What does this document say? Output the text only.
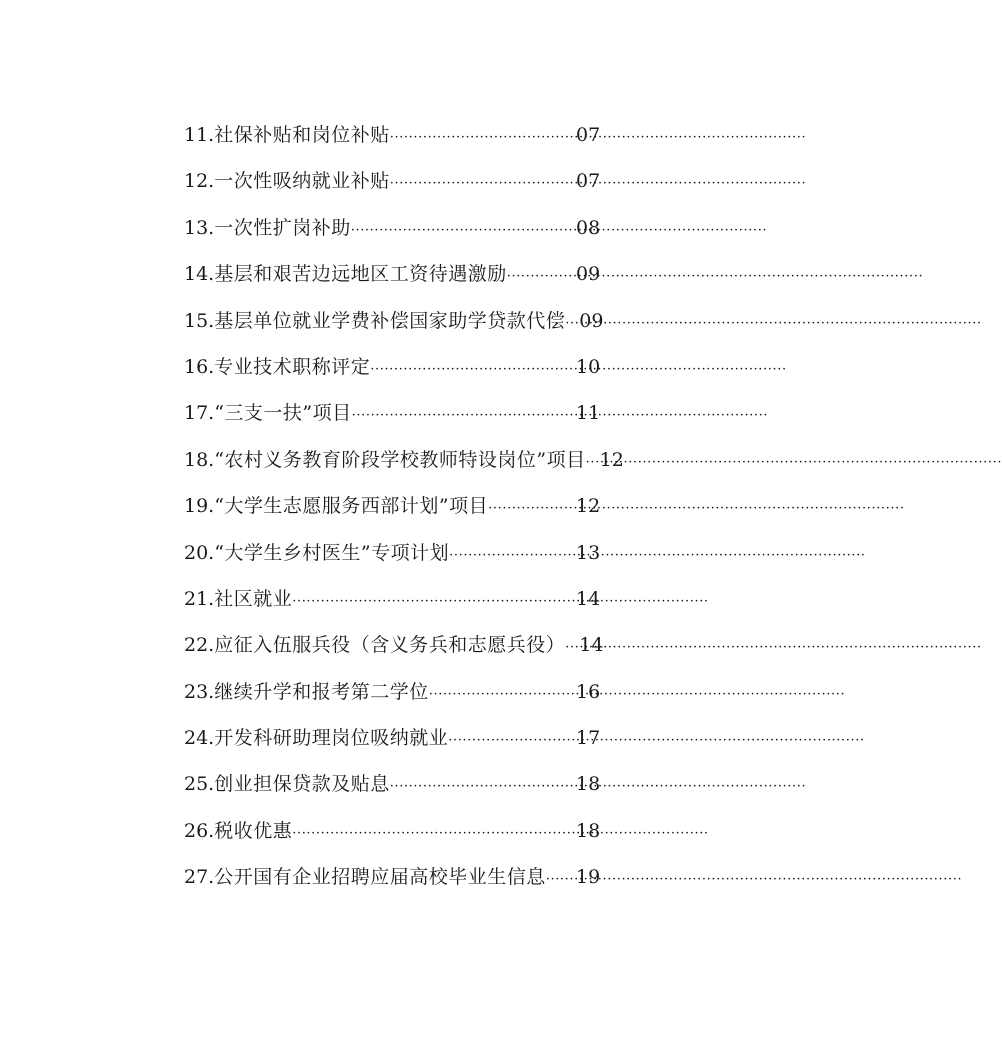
11. 社保补贴和岗位补贴 ·····	07
12. 一次性吸纳就业补贴 ·····	07
13. 一次性扩岗补助 ·····	08
14. 基层和艰苦边远地区工资待遇激励 ·····	09
15. 基层单位就业学费补偿国家助学贷款代偿 ····· 09
16. 专业技术职称评定 ·····	10
17. “三支一扶”项目 ·····	11
18. “农村义务教育阶段学校教师特设岗位”项目 ····· 12
19. “大学生志愿服务西部计划”项目 ·····	12
20. “大学生乡村医生”专项计划 ·····	13
21. 社区就业 ·····	14
22. 应征入伍服兵役（含义务兵和志愿兵役） ····· 14
23. 继续升学和报考第二学位 ·····	16
24. 开发科研助理岗位吸纳就业 ·····	17
25. 创业担保贷款及贴息 ·····	18
26. 税收优惠 ·····	18
27. 公开国有企业招聘应届高校毕业生信息 ····· 19
